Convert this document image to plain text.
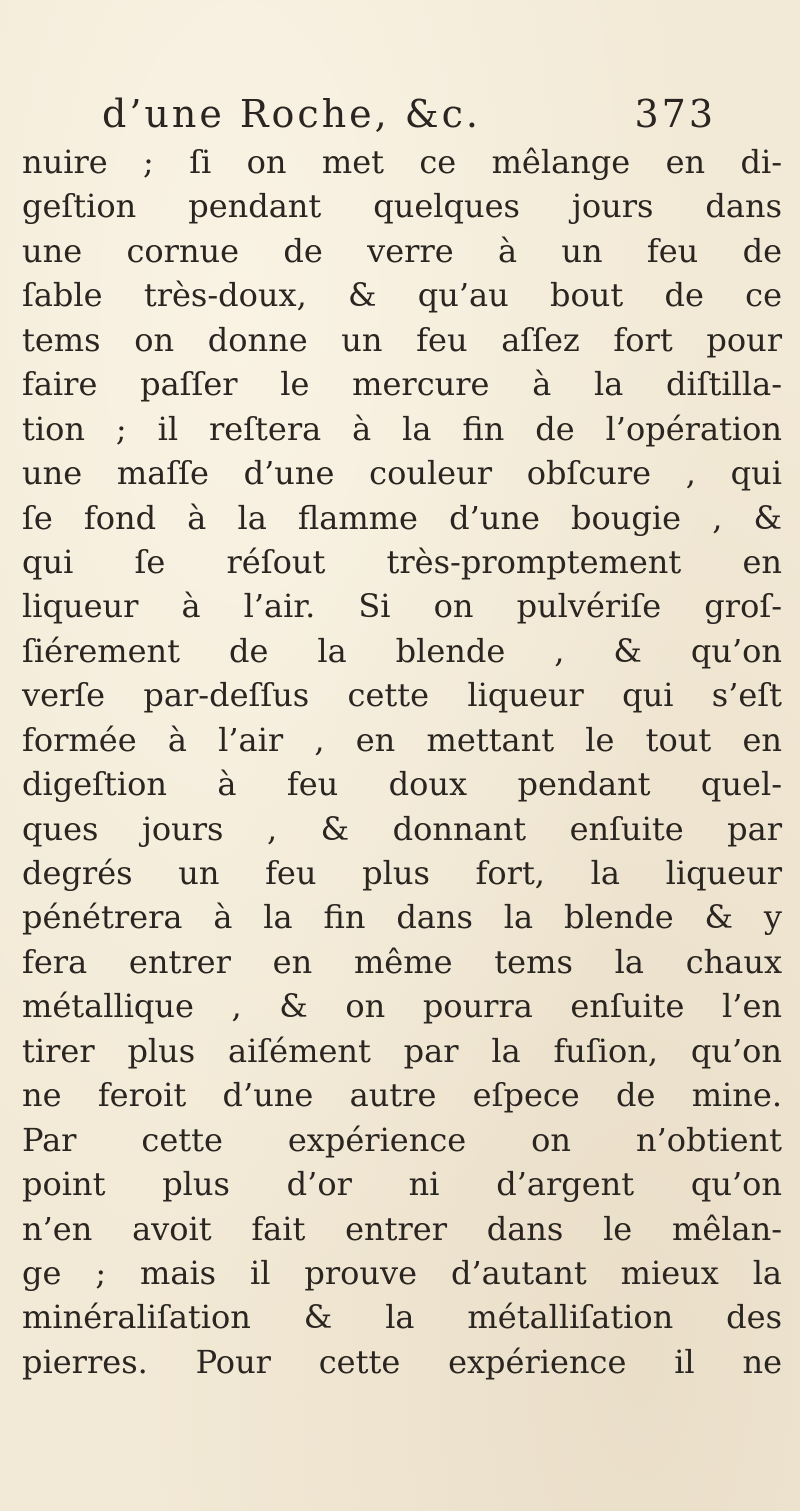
d’une Roche, &c.	373
nuire ; ſi on met ce mêlange en di-
geſtion pendant quelques jours dans
une cornue de verre à un feu de
ſable très-doux, & qu’au bout de ce
tems on donne un feu aſſez fort pour
faire paſſer le mercure à la diſtilla-
tion ; il reſtera à la fin de l’opération
une maſſe d’une couleur obſcure , qui
ſe fond à la flamme d’une bougie , &
qui ſe réſout très-promptement en
liqueur à l’air. Si on pulvériſe groſ-
ſiérement de la blende , & qu’on
verſe par-deſſus cette liqueur qui s’eſt
formée à l’air , en mettant le tout en
digeſtion à feu doux pendant quel-
ques jours , & donnant enſuite par
degrés un feu plus fort, la liqueur
pénétrera à la fin dans la blende & y
fera entrer en même tems la chaux
métallique , & on pourra enſuite l’en
tirer plus aiſément par la fuſion, qu’on
ne feroit d’une autre eſpece de mine.
Par cette expérience on n’obtient
point plus d’or ni d’argent qu’on
n’en avoit fait entrer dans le mêlan-
ge ; mais il prouve d’autant mieux la
minéraliſation & la métalliſation des
pierres. Pour cette expérience il ne
